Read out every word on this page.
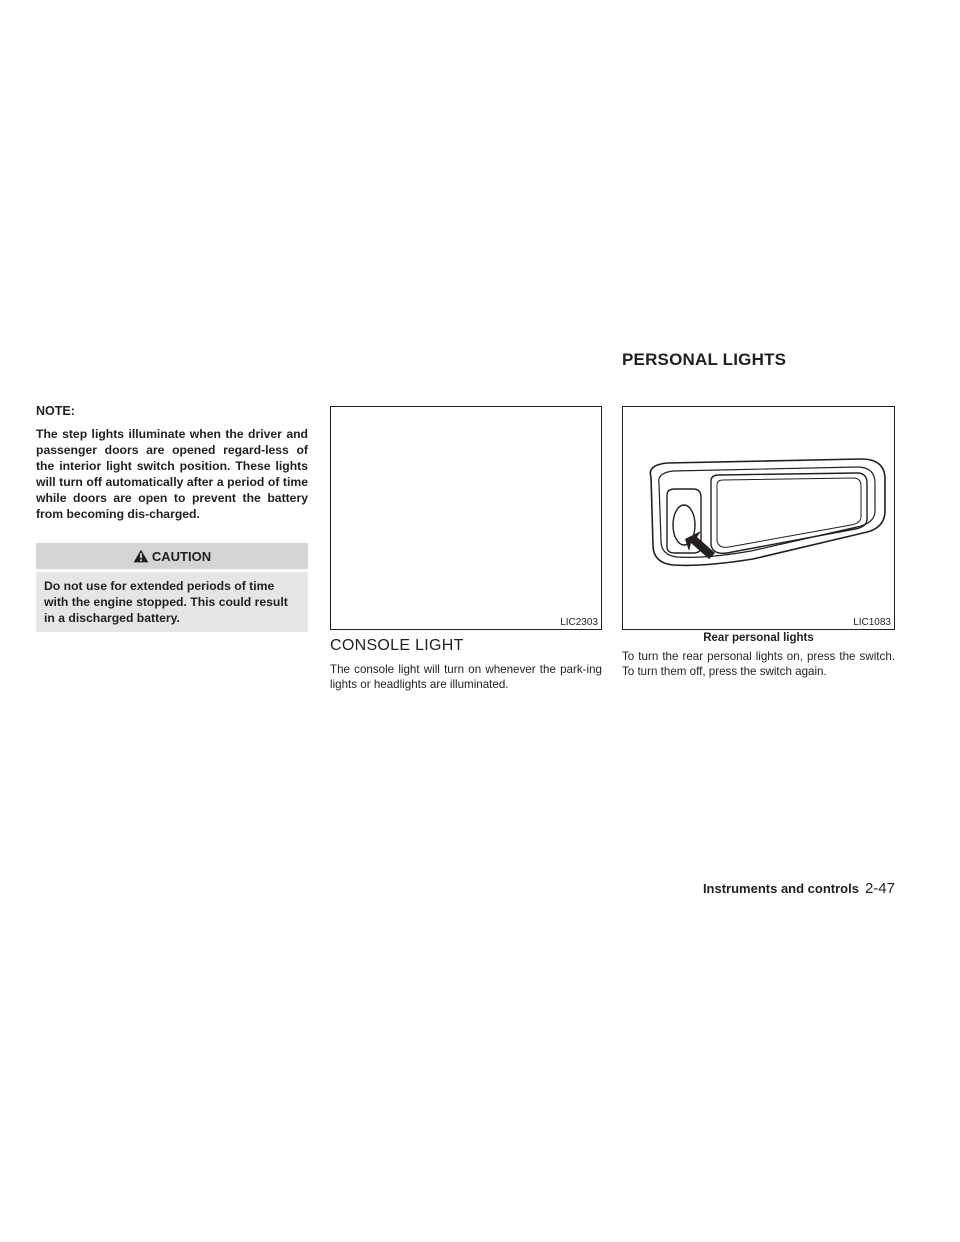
PERSONAL LIGHTS

NOTE:

The step lights illuminate when the driver and passenger doors are opened regard-less of the interior light switch position. These lights will turn off automatically after a period of time while doors are open to prevent the battery from becoming dis-charged.

CAUTION
Do not use for extended periods of time with the engine stopped. This could result in a discharged battery.	LIC2303	LIC1083
Rear personal lights
CONSOLE LIGHT

The console light will turn on whenever the park-ing lights or headlights are illuminated.

To turn the rear personal lights on, press the switch. To turn them off, press the switch again.

Instruments and controls 2-47
